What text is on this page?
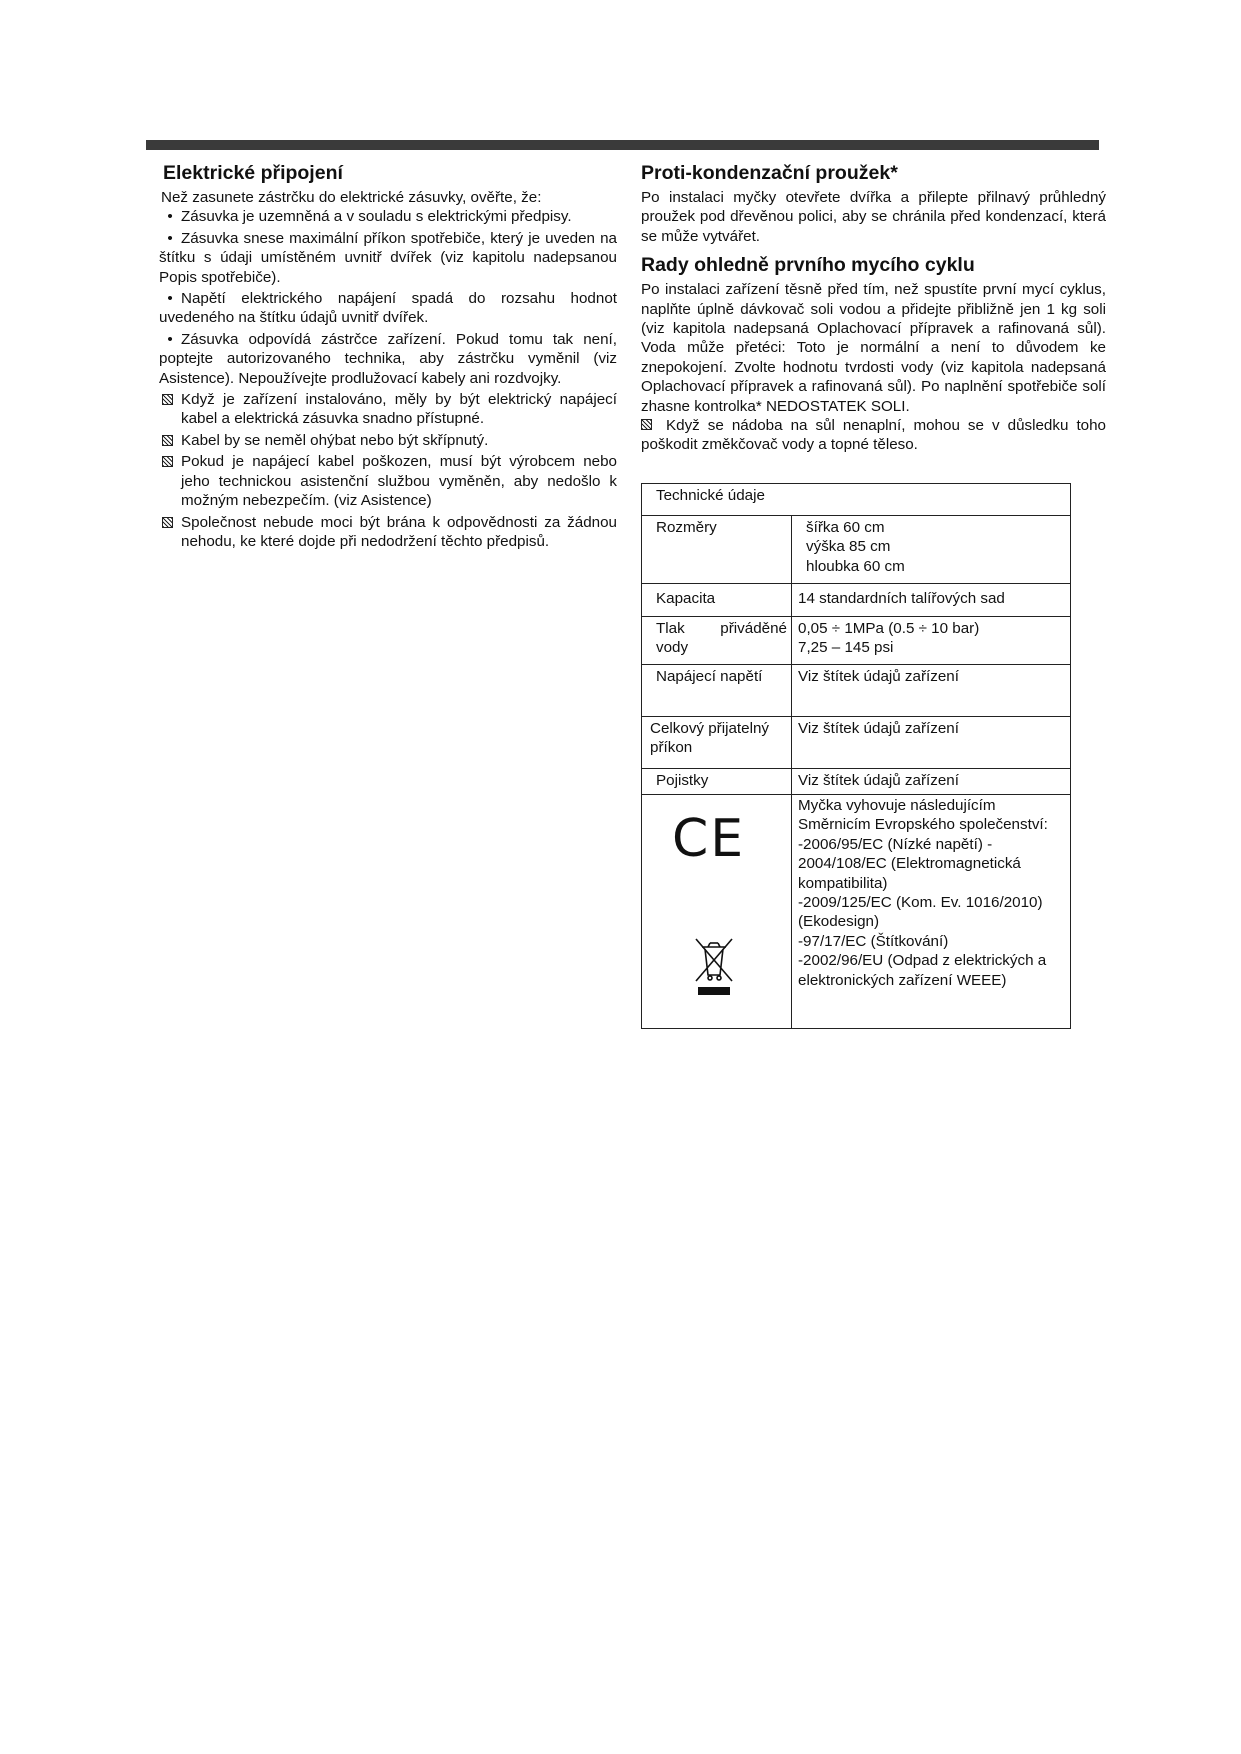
Elektrické připojení

Než zasunete zástrčku do elektrické zásuvky, ověřte, že:

• Zásuvka je uzemněná a v souladu s elektrickými předpisy.
• Zásuvka snese maximální příkon spotřebiče, který je uveden na štítku s údaji umístěném uvnitř dvířek (viz kapitolu nadepsanou Popis spotřebiče).
• Napětí elektrického napájení spadá do rozsahu hodnot uvedeného na štítku údajů uvnitř dvířek.
• Zásuvka odpovídá zástrčce zařízení. Pokud tomu tak není, poptejte autorizovaného technika, aby zástrčku vyměnil (viz Asistence). Nepoužívejte prodlužovací kabely ani rozdvojky.
Když je zařízení instalováno, měly by být elektrický napájecí kabel a elektrická zásuvka snadno přístupné.
Kabel by se neměl ohýbat nebo být skřípnutý.
Pokud je napájecí kabel poškozen, musí být výrobcem nebo jeho technickou asistenční službou vyměněn, aby nedošlo k možným nebezpečím. (viz Asistence)
Společnost nebude moci být brána k odpovědnosti za žádnou nehodu, ke které dojde při nedodržení těchto předpisů.
Proti-kondenzační proužek*

Po instalaci myčky otevřete dvířka a přilepte přilnavý průhledný proužek pod dřevěnou polici, aby se chránila před kondenzací, která se může vytvářet.

Rady ohledně prvního mycího cyklu

Po instalaci zařízení těsně před tím, než spustíte první mycí cyklus, naplňte úplně dávkovač soli vodou a přidejte přibližně jen 1 kg soli (viz kapitola nadepsaná Oplachovací přípravek a rafinovaná sůl). Voda může přetéci: Toto je normální a není to důvodem ke znepokojení. Zvolte hodnotu tvrdosti vody (viz kapitola nadepsaná Oplachovací přípravek a rafinovaná sůl). Po naplnění spotřebiče solí zhasne kontrolka* NEDOSTATEK SOLI.

Když se nádoba na sůl nenaplní, mohou se v důsledku toho poškodit změkčovač vody a topné těleso.

Technické údaje	
Rozměry	šířka 60 cm
výška 85 cm
hloubka 60 cm

Kapacita	14 standardních talířových sad

Tlak přiváděné vody	0,05 ÷ 1MPa (0.5 ÷ 10 bar)
7,25 – 145 psi

Napájecí napětí	Viz štítek údajů zařízení
Celkový přijatelný příkon	Viz štítek údajů zařízení
Pojistky	Viz štítek údajů zařízení

CE	Myčka vyhovuje následujícím Směrnicím Evropského společenství:
-2006/95/EC (Nízké napětí) - 2004/108/EC (Elektromagnetická kompatibilita)
-2009/125/EC (Kom. Ev. 1016/2010) (Ekodesign)
-97/17/EC (Štítkování)
-2002/96/EU (Odpad z elektrických a elektronických zařízení WEEE)
